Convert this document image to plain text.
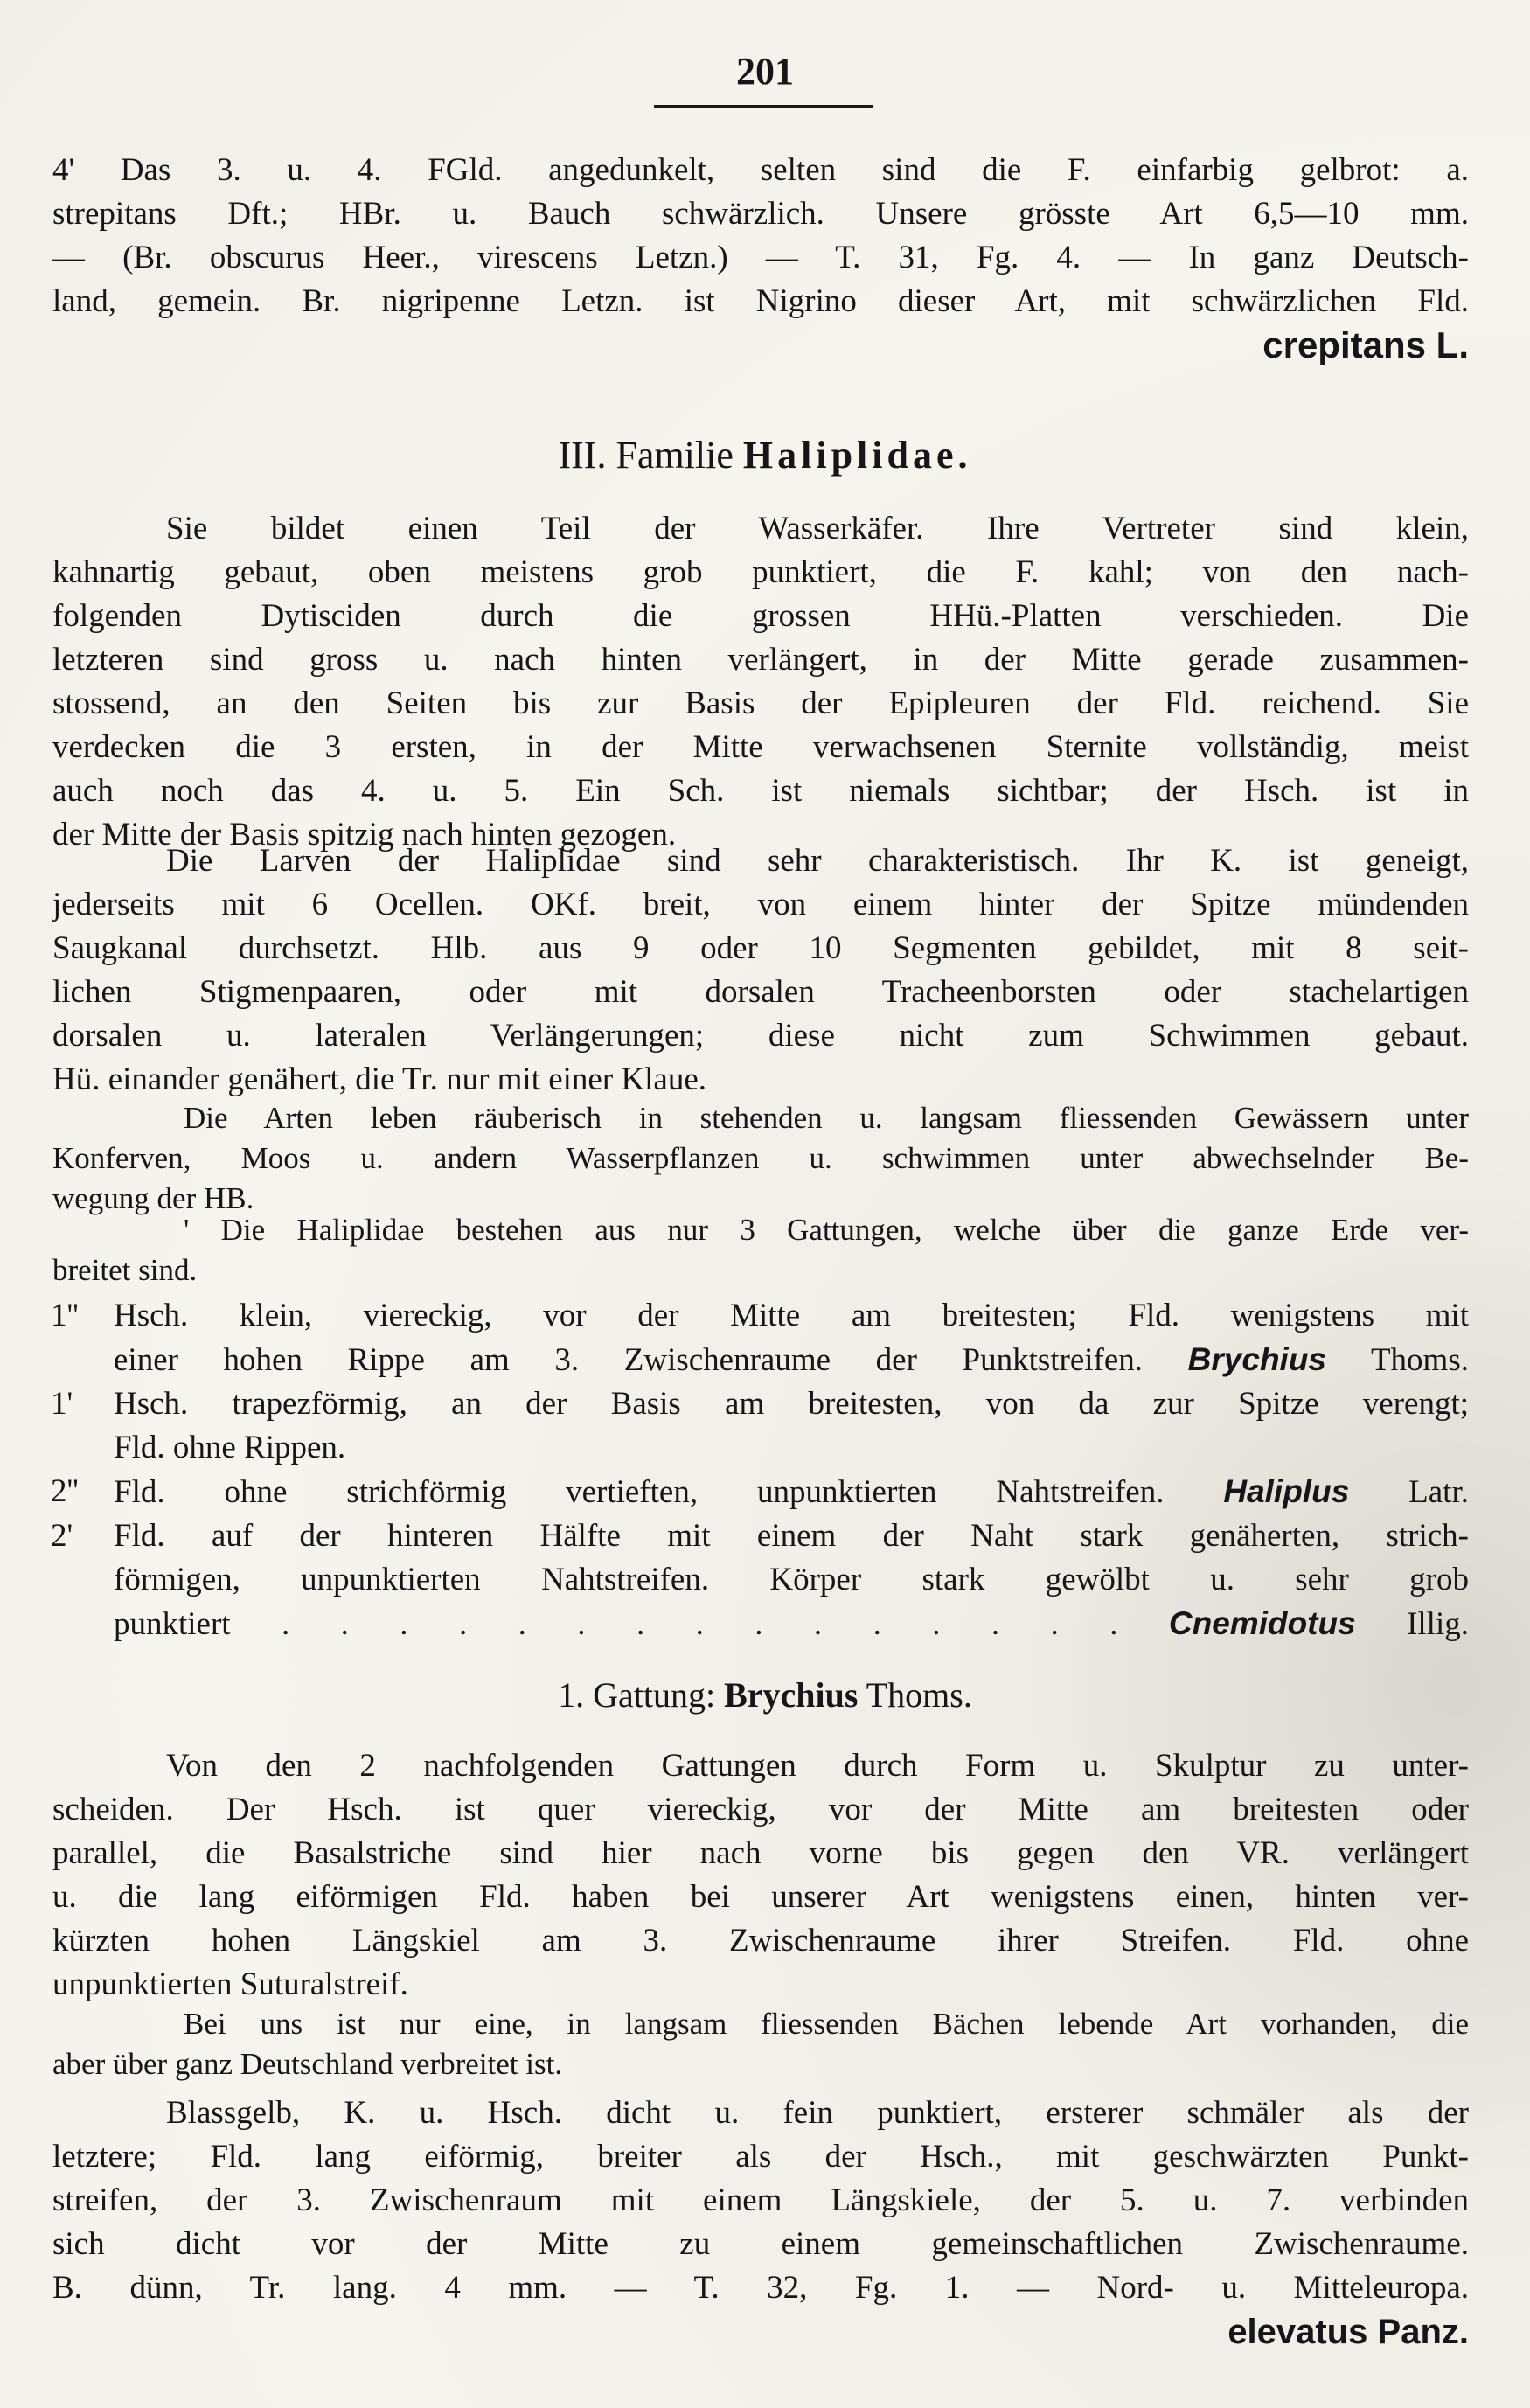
201
4' Das 3. u. 4. FGld. angedunkelt, selten sind die F. einfarbig gelbrot: a.
strepitans Dft.; HBr. u. Bauch schwärzlich. Unsere grösste Art 6,5—10 mm.
— (Br. obscurus Heer., virescens Letzn.) — T. 31, Fg. 4. — In ganz Deutsch-
land, gemein. Br. nigripenne Letzn. ist Nigrino dieser Art, mit schwärzlichen Fld.
crepitans L.
III. Familie Haliplidae.
Sie bildet einen Teil der Wasserkäfer. Ihre Vertreter sind klein,
kahnartig gebaut, oben meistens grob punktiert, die F. kahl; von den nach-
folgenden Dytisciden durch die grossen HHü.-Platten verschieden. Die
letzteren sind gross u. nach hinten verlängert, in der Mitte gerade zusammen-
stossend, an den Seiten bis zur Basis der Epipleuren der Fld. reichend. Sie
verdecken die 3 ersten, in der Mitte verwachsenen Sternite vollständig, meist
auch noch das 4. u. 5. Ein Sch. ist niemals sichtbar; der Hsch. ist in
der Mitte der Basis spitzig nach hinten gezogen.
Die Larven der Haliplidae sind sehr charakteristisch. Ihr K. ist geneigt,
jederseits mit 6 Ocellen. OKf. breit, von einem hinter der Spitze mündenden
Saugkanal durchsetzt. Hlb. aus 9 oder 10 Segmenten gebildet, mit 8 seit-
lichen Stigmenpaaren, oder mit dorsalen Tracheenborsten oder stachelartigen
dorsalen u. lateralen Verlängerungen; diese nicht zum Schwimmen gebaut.
Hü. einander genähert, die Tr. nur mit einer Klaue.
Die Arten leben räuberisch in stehenden u. langsam fliessenden Gewässern unter
Konferven, Moos u. andern Wasserpflanzen u. schwimmen unter abwechselnder Be-
wegung der HB.
' Die Haliplidae bestehen aus nur 3 Gattungen, welche über die ganze Erde ver-
breitet sind.
1''	Hsch. klein, viereckig, vor der Mitte am breitesten; Fld. wenigstens mit
einer hohen Rippe am 3. Zwischenraume der Punktstreifen. Brychius Thoms.
1'	Hsch. trapezförmig, an der Basis am breitesten, von da zur Spitze verengt;
Fld. ohne Rippen.
2''	Fld. ohne strichförmig vertieften, unpunktierten Nahtstreifen. Haliplus Latr.
2'	Fld. auf der hinteren Hälfte mit einem der Naht stark genäherten, strich-
förmigen, unpunktierten Nahtstreifen. Körper stark gewölbt u. sehr grob
punktiert . . . . . . . . . . . . . . . Cnemidotus Illig.
1. Gattung: Brychius Thoms.
Von den 2 nachfolgenden Gattungen durch Form u. Skulptur zu unter-
scheiden. Der Hsch. ist quer viereckig, vor der Mitte am breitesten oder
parallel, die Basalstriche sind hier nach vorne bis gegen den VR. verlängert
u. die lang eiförmigen Fld. haben bei unserer Art wenigstens einen, hinten ver-
kürzten hohen Längskiel am 3. Zwischenraume ihrer Streifen. Fld. ohne
unpunktierten Suturalstreif.
Bei uns ist nur eine, in langsam fliessenden Bächen lebende Art vorhanden, die
aber über ganz Deutschland verbreitet ist.
Blassgelb, K. u. Hsch. dicht u. fein punktiert, ersterer schmäler als der
letztere; Fld. lang eiförmig, breiter als der Hsch., mit geschwärzten Punkt-
streifen, der 3. Zwischenraum mit einem Längskiele, der 5. u. 7. verbinden
sich dicht vor der Mitte zu einem gemeinschaftlichen Zwischenraume.
B. dünn, Tr. lang. 4 mm. — T. 32, Fg. 1. — Nord- u. Mitteleuropa.
elevatus Panz.
